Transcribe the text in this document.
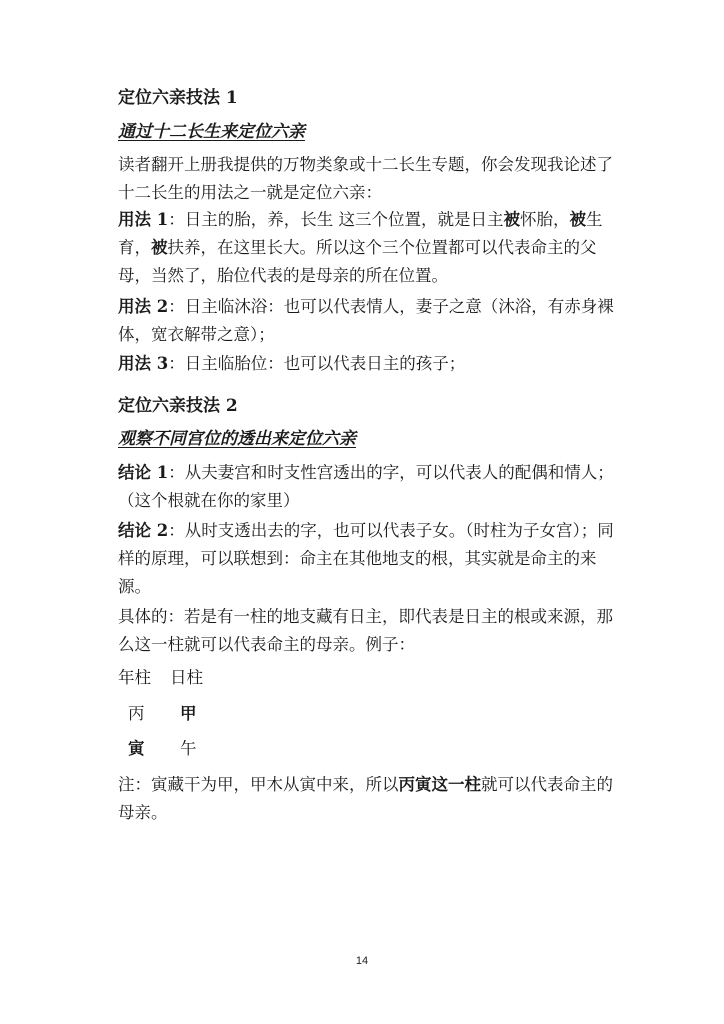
定位六亲技法 1
通过十二长生来定位六亲

读者翻开上册我提供的万物类象或十二长生专题，你会发现我论述了十二长生的用法之一就是定位六亲：

用法 1：日主的胎，养，长生 这三个位置，就是日主被怀胎，被生育，被扶养，在这里长大。所以这个三个位置都可以代表命主的父母，当然了，胎位代表的是母亲的所在位置。

用法 2：日主临沐浴：也可以代表情人，妻子之意（沐浴，有赤身裸体，宽衣解带之意）；

用法 3：日主临胎位：也可以代表日主的孩子；

定位六亲技法 2
观察不同宫位的透出来定位六亲

结论 1：从夫妻宫和时支性宫透出的字，可以代表人的配偶和情人；（这个根就在你的家里）

结论 2：从时支透出去的字，也可以代表子女。（时柱为子女宫）；同样的原理，可以联想到：命主在其他地支的根，其实就是命主的来源。

具体的：若是有一柱的地支藏有日主，即代表是日主的根或来源，那么这一柱就可以代表命主的母亲。例子：

年柱 日柱
丙 甲
寅 午

注：寅藏干为甲，甲木从寅中来，所以丙寅这一柱就可以代表命主的母亲。

14
